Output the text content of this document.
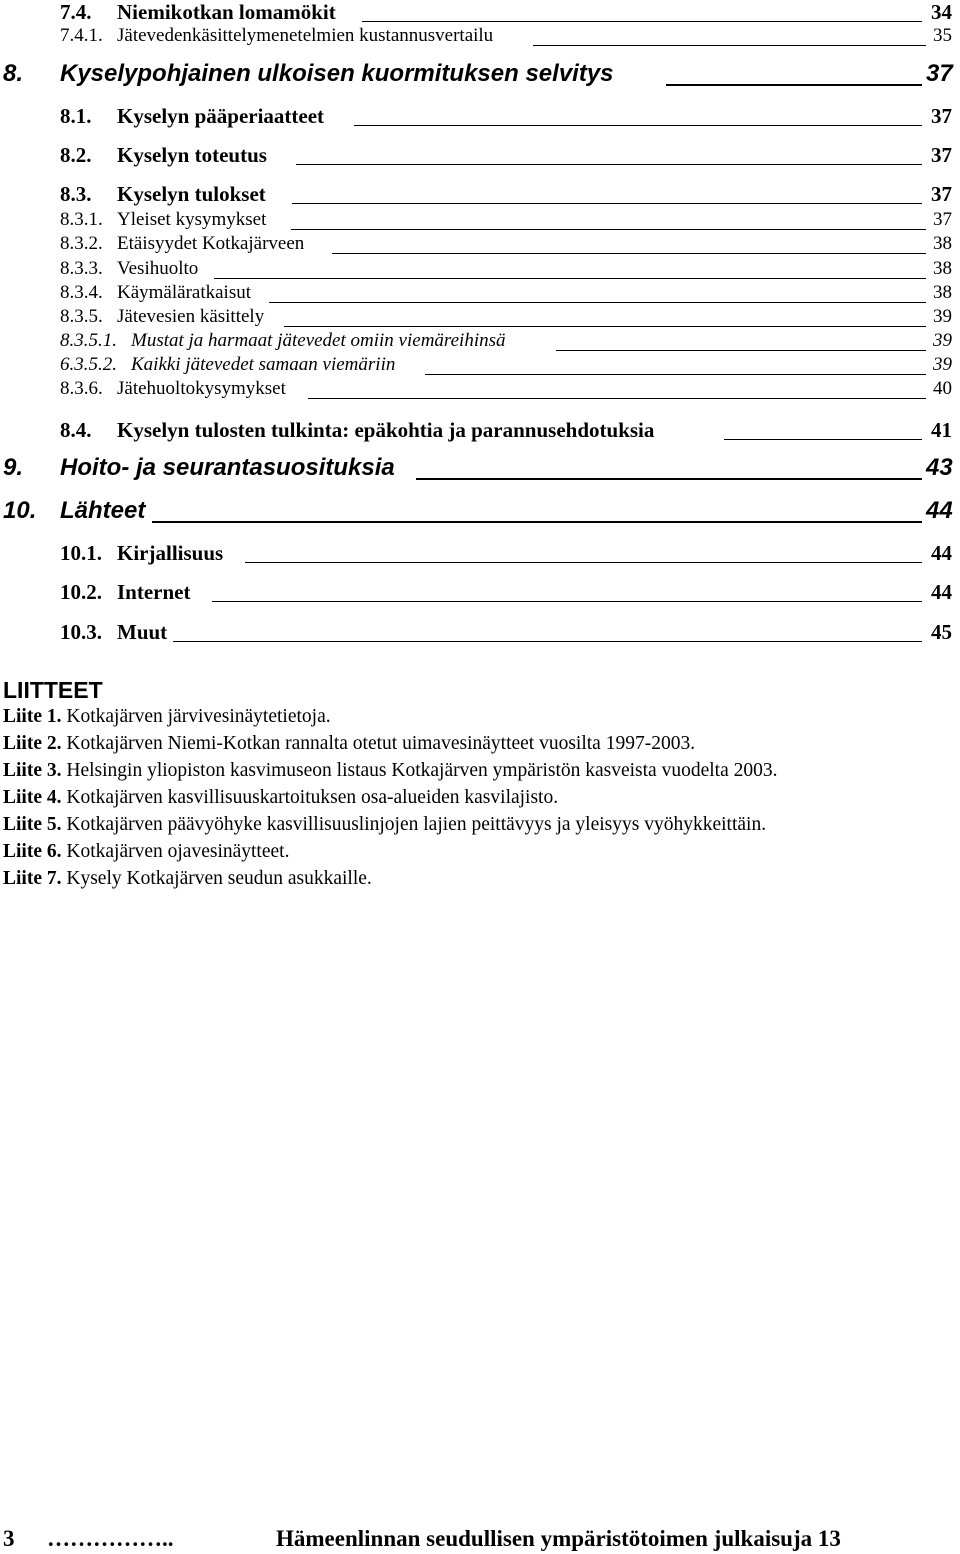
7.4. Niemikotkan lomamökit	34
7.4.1. Jätevedenkäsittelymenetelmien kustannusvertailu	35
8. Kyselypohjainen ulkoisen kuormituksen selvitys	37
8.1. Kyselyn pääperiaatteet	37
8.2. Kyselyn toteutus	37
8.3. Kyselyn tulokset	37
8.3.1. Yleiset kysymykset	37
8.3.2. Etäisyydet Kotkajärveen	38
8.3.3. Vesihuolto	38
8.3.4. Käymäläratkaisut	38
8.3.5. Jätevesien käsittely	39
8.3.5.1. Mustat ja harmaat jätevedet omiin viemäreihinsä	39
6.3.5.2. Kaikki jätevedet samaan viemäriin	39
8.3.6. Jätehuoltokysymykset	40
8.4. Kyselyn tulosten tulkinta: epäkohtia ja parannusehdotuksia	41
9. Hoito- ja seurantasuosituksia	43
10. Lähteet	44
10.1. Kirjallisuus	44
10.2. Internet	44
10.3. Muut	45
LIITTEET
Liite 1. Kotkajärven järvivesinäytetietoja.
Liite 2. Kotkajärven Niemi-Kotkan rannalta otetut uimavesinäytteet vuosilta 1997-2003.
Liite 3. Helsingin yliopiston kasvimuseon listaus Kotkajärven ympäristön kasveista vuodelta 2003.
Liite 4. Kotkajärven kasvillisuuskartoituksen osa-alueiden kasvilajisto.
Liite 5. Kotkajärven päävyöhyke kasvillisuuslinjojen lajien peittävyys ja yleisyys vyöhykkeittäin.
Liite 6. Kotkajärven ojavesinäytteet.
Liite 7. Kysely Kotkajärven seudun asukkaille.
3 ……………..	Hämeenlinnan seudullisen ympäristötoimen julkaisuja 13
